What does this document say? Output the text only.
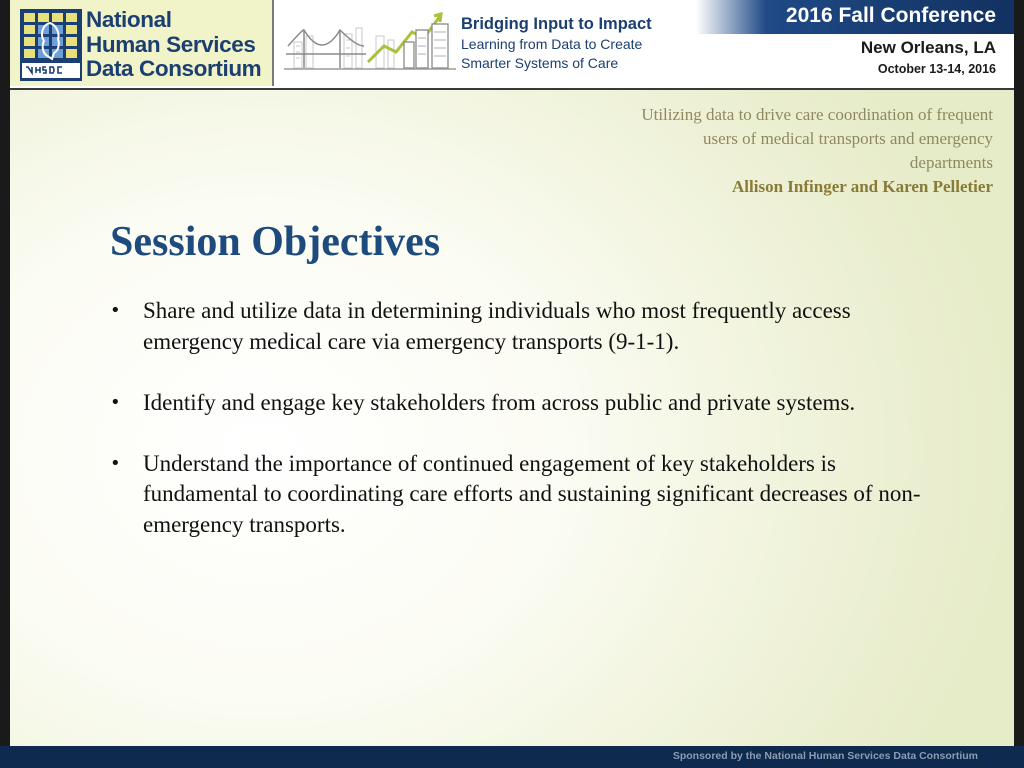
National
Human Services
Data Consortium
Bridging Input to Impact
Learning from Data to Create
Smarter Systems of Care
2016 Fall Conference
New Orleans, LA
October 13-14, 2016
Utilizing data to drive care coordination of frequent
users of medical transports and emergency
departments
Allison Infinger and Karen Pelletier
Session Objectives
• Share and utilize data in determining individuals who most frequently access emergency medical care via emergency transports (9-1-1).
• Identify and engage key stakeholders from across public and private systems.
• Understand the importance of continued engagement of key stakeholders is fundamental to coordinating care efforts and sustaining significant decreases of non-emergency transports.
Sponsored by the National Human Services Data Consortium
